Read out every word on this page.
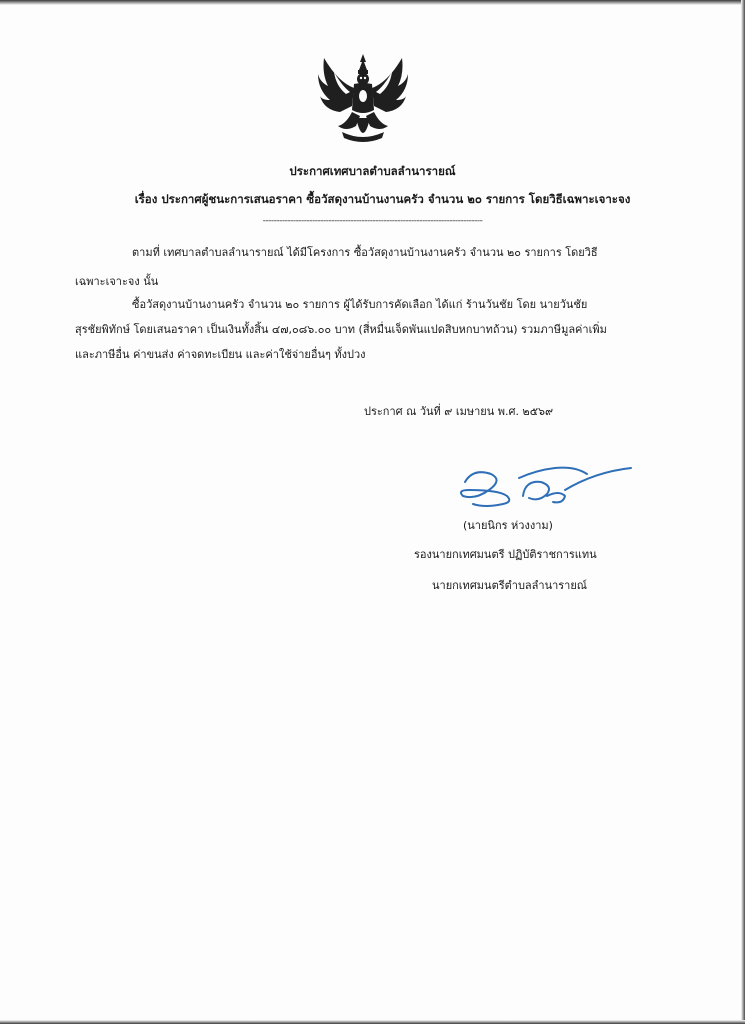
ประกาศเทศบาลตำบลลำนารายณ์
เรื่อง ประกาศผู้ชนะการเสนอราคา ซื้อวัสดุงานบ้านงานครัว จำนวน ๒๐ รายการ โดยวิธีเฉพาะเจาะจง
--------------------------------------------------------------------------------
ตามที่ เทศบาลตำบลลำนารายณ์ ได้มีโครงการ ซื้อวัสดุงานบ้านงานครัว จำนวน ๒๐ รายการ โดยวิธี
เฉพาะเจาะจง นั้น
ซื้อวัสดุงานบ้านงานครัว จำนวน ๒๐ รายการ ผู้ได้รับการคัดเลือก ได้แก่ ร้านวันชัย โดย นายวันชัย
สุรชัยพิทักษ์ โดยเสนอราคา เป็นเงินทั้งสิ้น ๔๗,๐๘๖.๐๐ บาท (สี่หมื่นเจ็ดพันแปดสิบหกบาทถ้วน) รวมภาษีมูลค่าเพิ่ม
และภาษีอื่น ค่าขนส่ง ค่าจดทะเบียน และค่าใช้จ่ายอื่นๆ ทั้งปวง
ประกาศ ณ วันที่ ๙ เมษายน พ.ศ. ๒๕๖๙
(นายนิกร ห่วงงาม)
รองนายกเทศมนตรี ปฏิบัติราชการแทน
นายกเทศมนตรีตำบลลำนารายณ์
